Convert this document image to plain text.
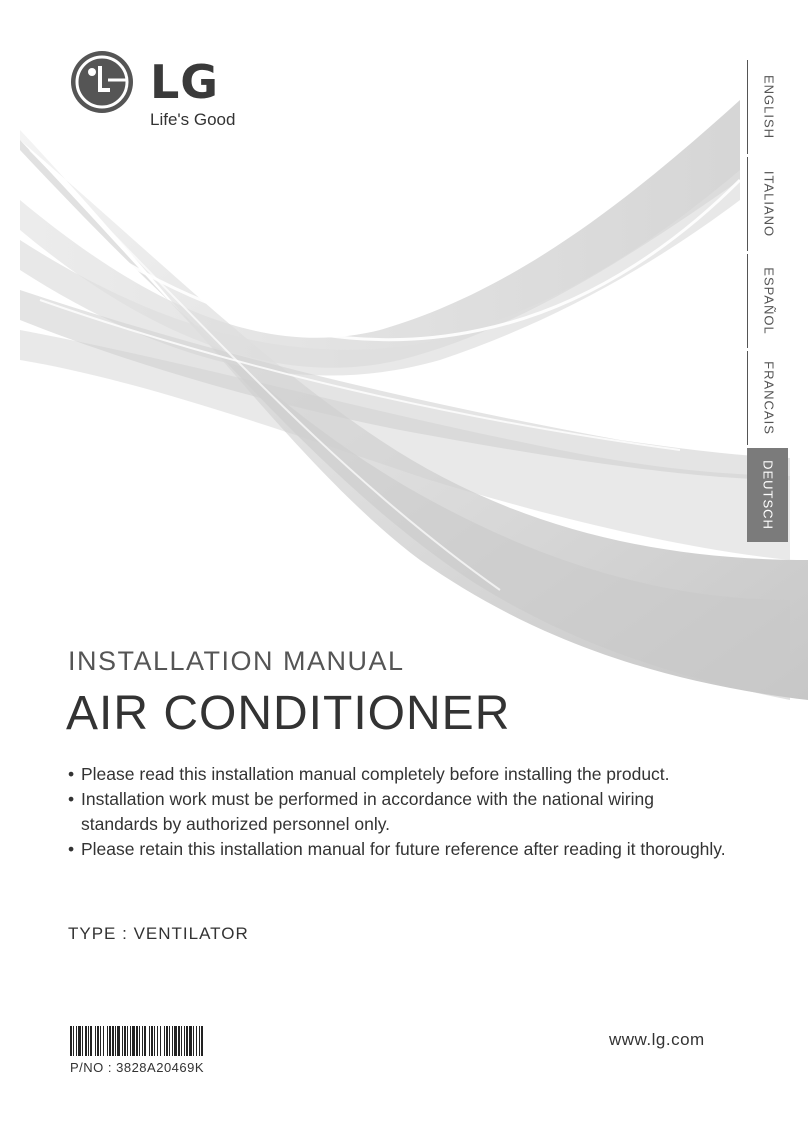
LG
Life's Good	ENGLISH
ITALIANO
ESPAÑOL
FRANCAIS
DEUTSCH
INSTALLATION MANUAL
AIR CONDITIONER
• Please read this installation manual completely before installing the product.
• Installation work must be performed in accordance with the national wiring standards by authorized personnel only.
• Please retain this installation manual for future reference after reading it thoroughly.
TYPE : VENTILATOR
P/NO : 3828A20469K
www.lg.com
